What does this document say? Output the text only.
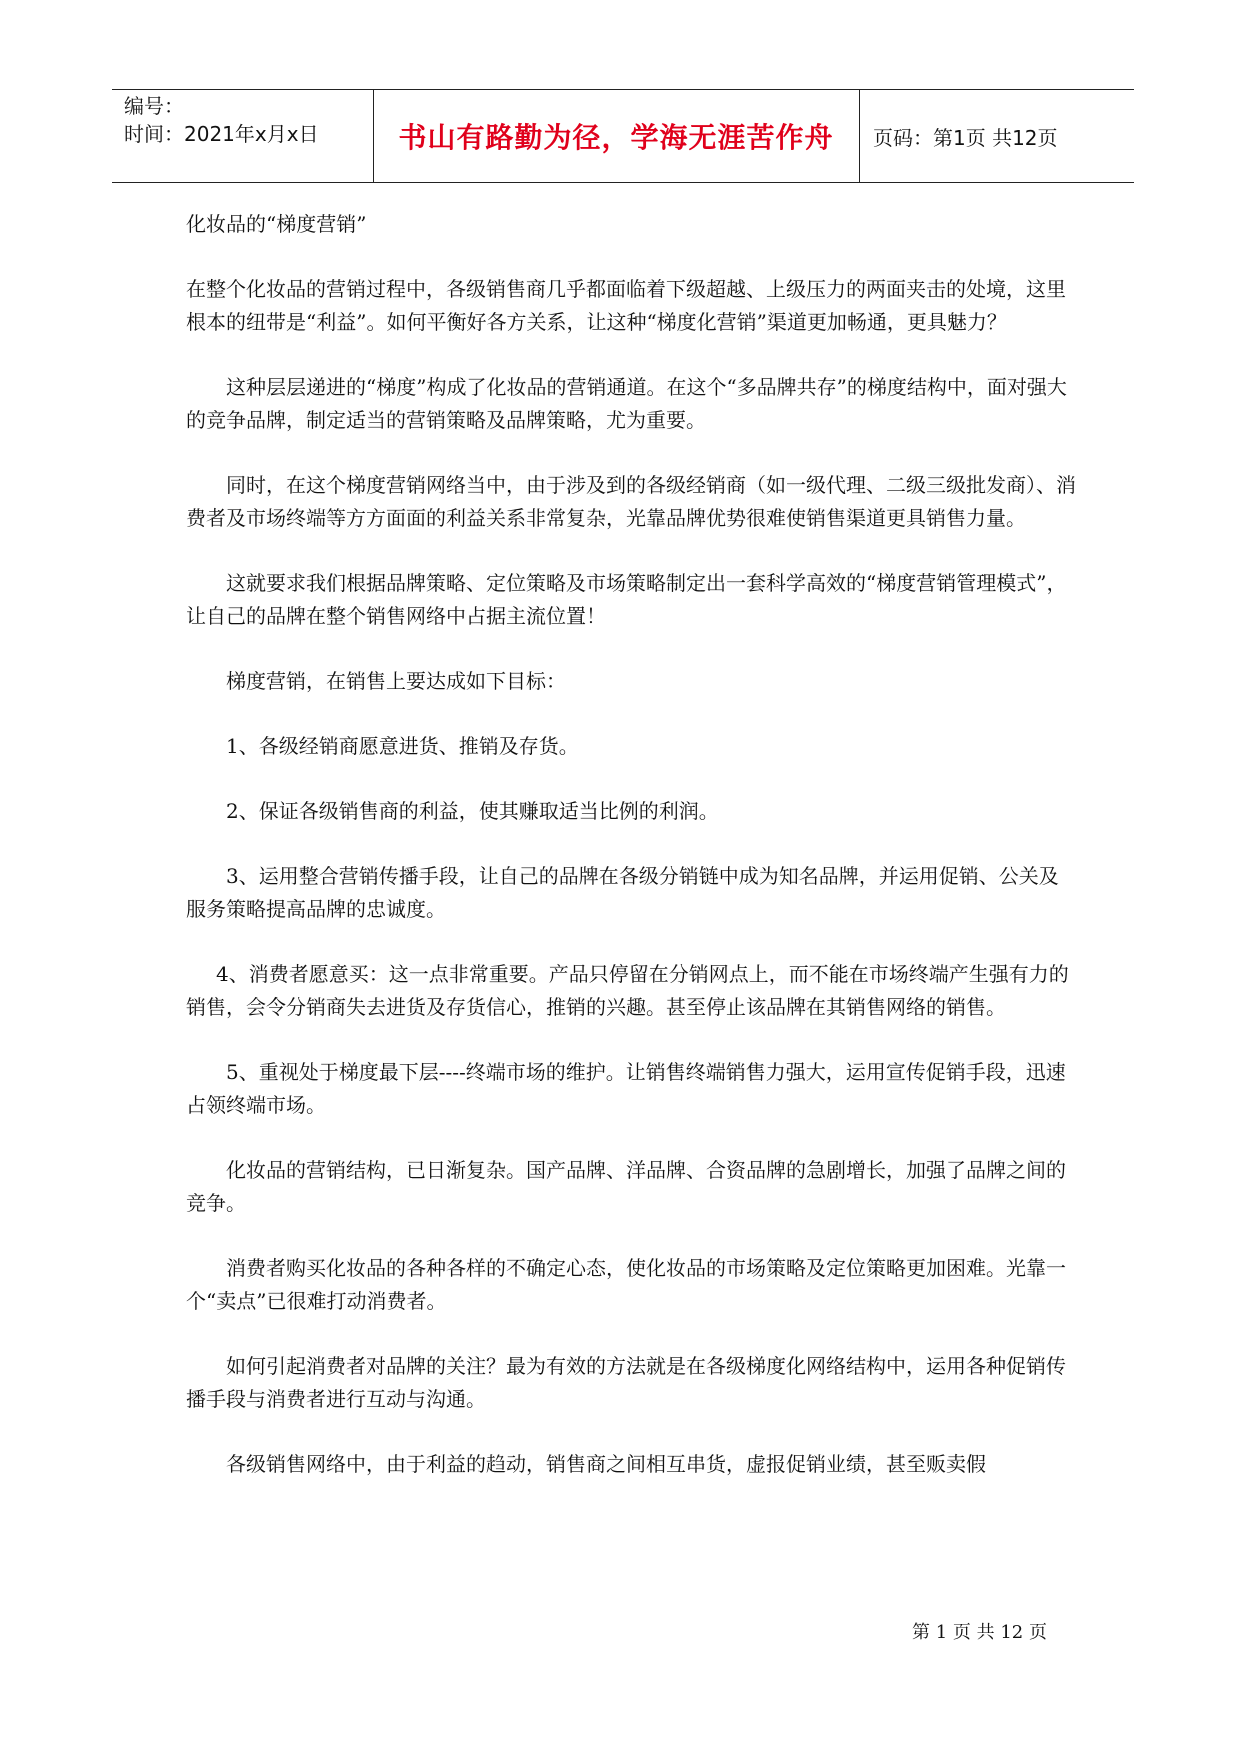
编号：
时间：2021年x月x日	书山有路勤为径，学海无涯苦作舟	页码：第1页 共12页

化妆品的“梯度营销”

在整个化妆品的营销过程中，各级销售商几乎都面临着下级超越、上级压力的两面夹击的处境，这里根本的纽带是“利益”。如何平衡好各方关系，让这种“梯度化营销”渠道更加畅通，更具魅力？

这种层层递进的“梯度”构成了化妆品的营销通道。在这个“多品牌共存”的梯度结构中，面对强大的竞争品牌，制定适当的营销策略及品牌策略，尤为重要。

同时，在这个梯度营销网络当中，由于涉及到的各级经销商（如一级代理、二级三级批发商）、消费者及市场终端等方方面面的利益关系非常复杂，光靠品牌优势很难使销售渠道更具销售力量。

这就要求我们根据品牌策略、定位策略及市场策略制定出一套科学高效的“梯度营销管理模式”，让自己的品牌在整个销售网络中占据主流位置！

梯度营销，在销售上要达成如下目标：

1、各级经销商愿意进货、推销及存货。

2、保证各级销售商的利益，使其赚取适当比例的利润。

3、运用整合营销传播手段，让自己的品牌在各级分销链中成为知名品牌，并运用促销、公关及服务策略提高品牌的忠诚度。

4、消费者愿意买：这一点非常重要。产品只停留在分销网点上，而不能在市场终端产生强有力的销售，会令分销商失去进货及存货信心，推销的兴趣。甚至停止该品牌在其销售网络的销售。

5、重视处于梯度最下层----终端市场的维护。让销售终端销售力强大，运用宣传促销手段，迅速占领终端市场。

化妆品的营销结构，已日渐复杂。国产品牌、洋品牌、合资品牌的急剧增长，加强了品牌之间的竞争。

消费者购买化妆品的各种各样的不确定心态，使化妆品的市场策略及定位策略更加困难。光靠一个“卖点”已很难打动消费者。

如何引起消费者对品牌的关注？最为有效的方法就是在各级梯度化网络结构中，运用各种促销传播手段与消费者进行互动与沟通。

各级销售网络中，由于利益的趋动，销售商之间相互串货，虚报促销业绩，甚至贩卖假

第 1 页 共 12 页
